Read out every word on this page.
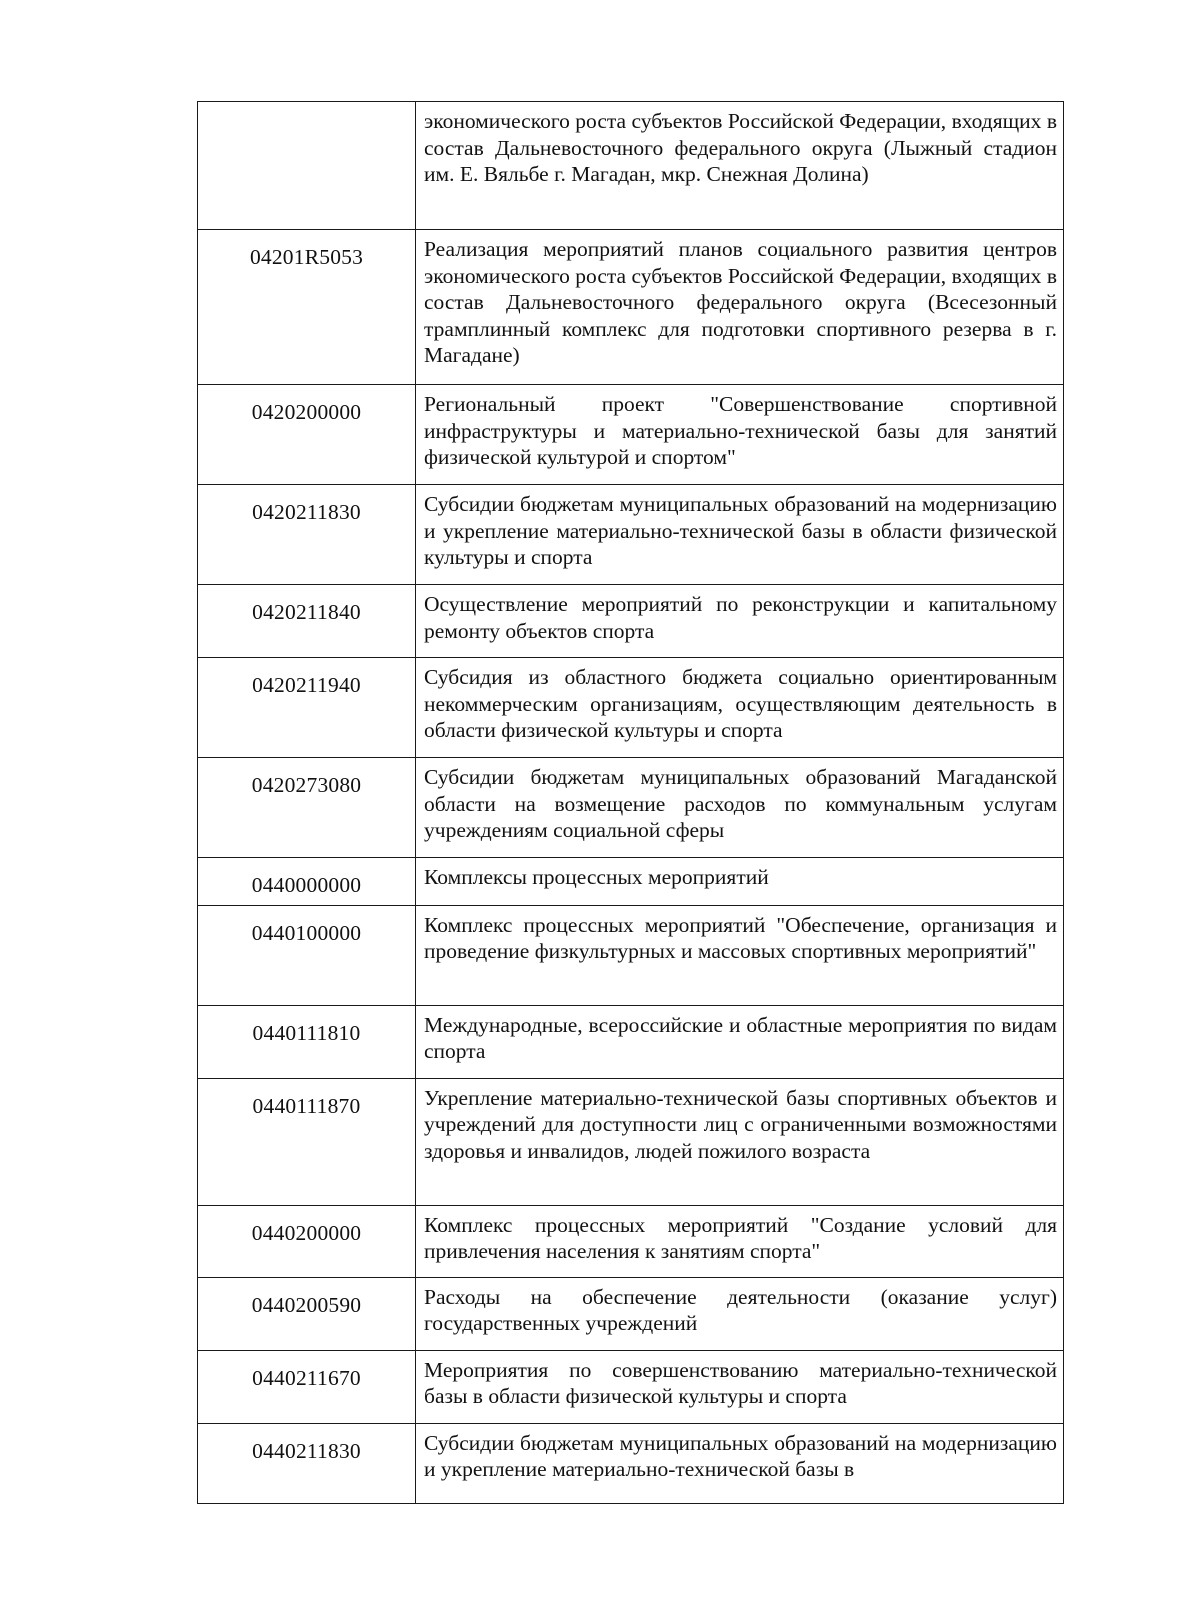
	экономического роста субъектов Российской Федерации, входящих в состав Дальневосточного федерального округа (Лыжный стадион им. Е. Вяльбе г. Магадан, мкр. Снежная Долина)
04201R5053	Реализация мероприятий планов социального развития центров экономического роста субъектов Российской Федерации, входящих в состав Дальневосточного федерального округа (Всесезонный трамплинный комплекс для подготовки спортивного резерва в г. Магадане)
0420200000	Региональный проект "Совершенствование спортивной инфраструктуры и материально-технической базы для занятий физической культурой и спортом"
0420211830	Субсидии бюджетам муниципальных образований на модернизацию и укрепление материально-технической базы в области физической культуры и спорта
0420211840	Осуществление мероприятий по реконструкции и капитальному ремонту объектов спорта
0420211940	Субсидия из областного бюджета социально ориентированным некоммерческим организациям, осуществляющим деятельность в области физической культуры и спорта
0420273080	Субсидии бюджетам муниципальных образований Магаданской области на возмещение расходов по коммунальным услугам учреждениям социальной сферы
0440000000	Комплексы процессных мероприятий
0440100000	Комплекс процессных мероприятий "Обеспечение, организация и проведение физкультурных и массовых спортивных мероприятий"
0440111810	Международные, всероссийские и областные мероприятия по видам спорта
0440111870	Укрепление материально-технической базы спортивных объектов и учреждений для доступности лиц с ограниченными возможностями здоровья и инвалидов, людей пожилого возраста
0440200000	Комплекс процессных мероприятий "Создание условий для привлечения населения к занятиям спорта"
0440200590	Расходы на обеспечение деятельности (оказание услуг) государственных учреждений
0440211670	Мероприятия по совершенствованию материально-технической базы в области физической культуры и спорта
0440211830	Субсидии бюджетам муниципальных образований на модернизацию и укрепление материально-технической базы в
